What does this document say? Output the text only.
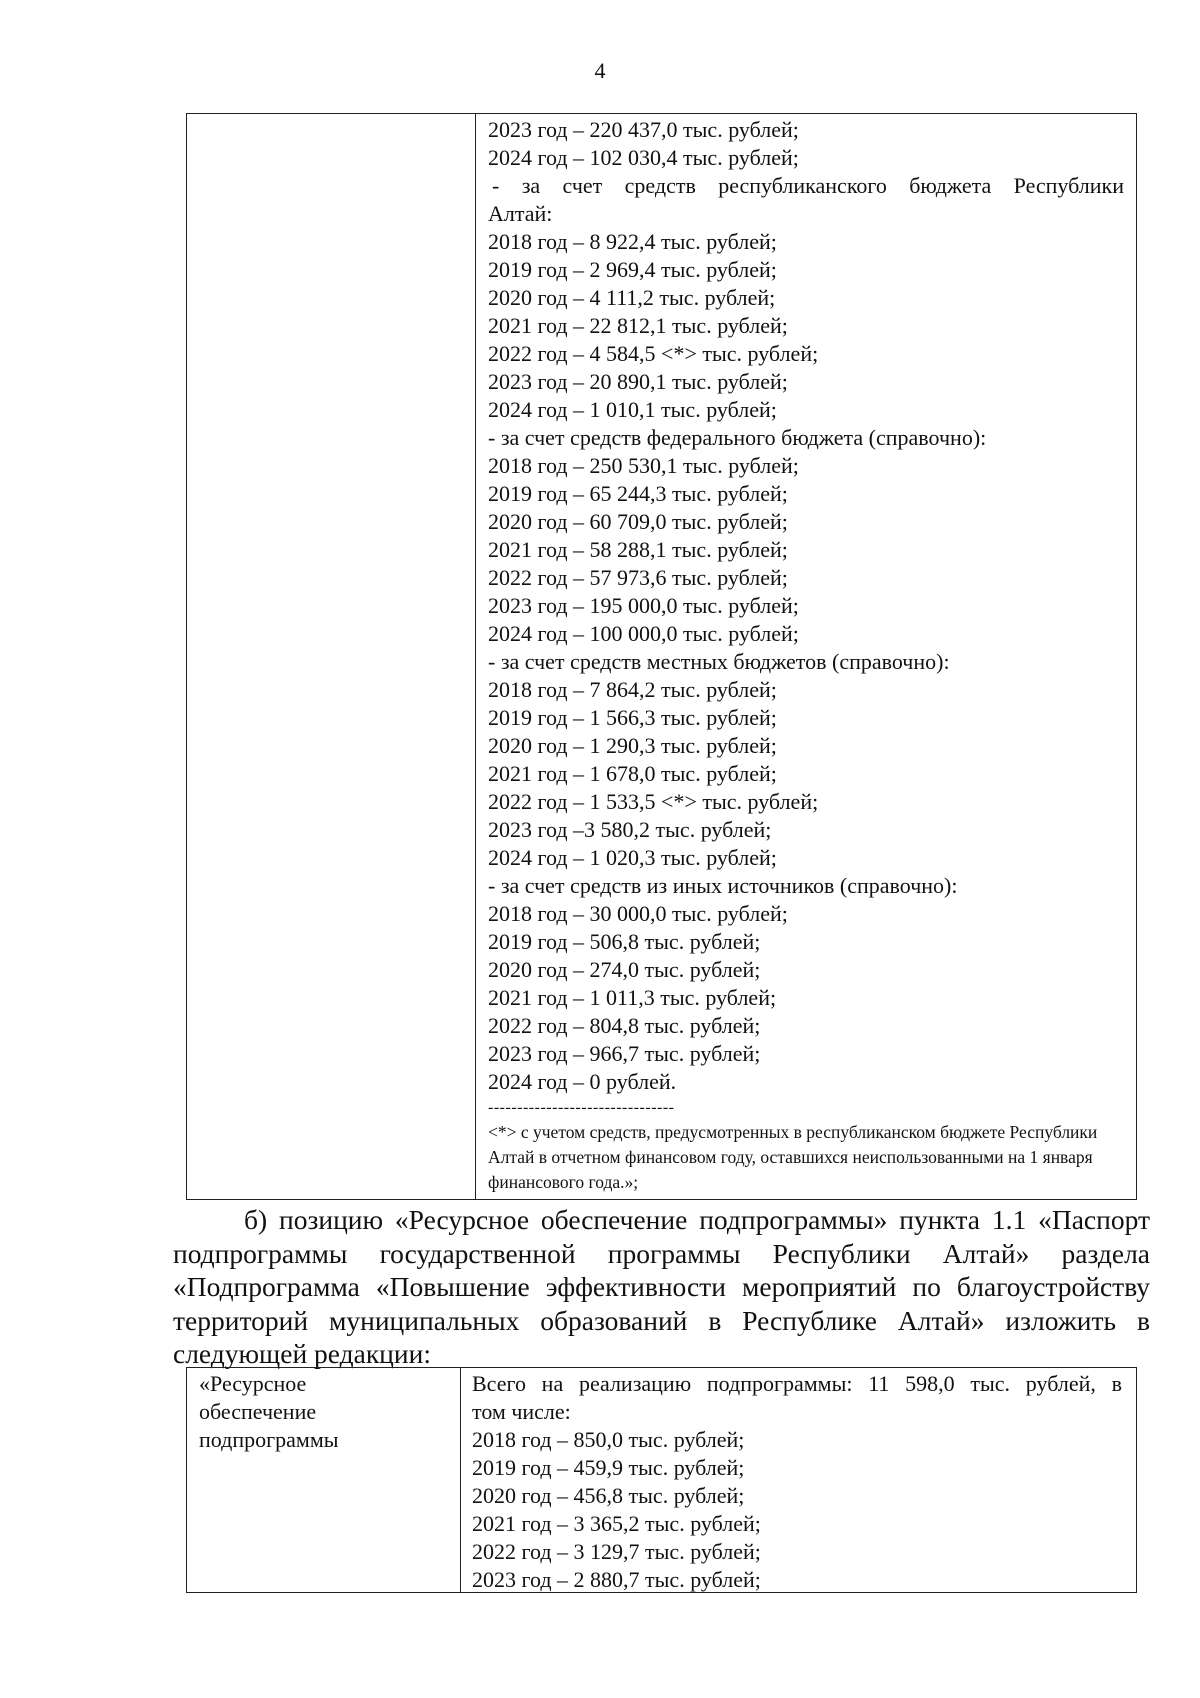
4
2023 год – 220 437,0 тыс. рублей;
2024 год – 102 030,4 тыс. рублей;
- за счет средств республиканского бюджета Республики
Алтай:
2018 год – 8 922,4 тыс. рублей;
2019 год – 2 969,4 тыс. рублей;
2020 год – 4 111,2 тыс. рублей;
2021 год – 22 812,1 тыс. рублей;
2022 год – 4 584,5 <*> тыс. рублей;
2023 год – 20 890,1 тыс. рублей;
2024 год – 1 010,1 тыс. рублей;
- за счет средств федерального бюджета (справочно):
2018 год – 250 530,1 тыс. рублей;
2019 год – 65 244,3 тыс. рублей;
2020 год – 60 709,0 тыс. рублей;
2021 год – 58 288,1 тыс. рублей;
2022 год – 57 973,6 тыс. рублей;
2023 год – 195 000,0 тыс. рублей;
2024 год – 100 000,0 тыс. рублей;
- за счет средств местных бюджетов (справочно):
2018 год – 7 864,2 тыс. рублей;
2019 год – 1 566,3 тыс. рублей;
2020 год – 1 290,3 тыс. рублей;
2021 год – 1 678,0 тыс. рублей;
2022 год – 1 533,5 <*> тыс. рублей;
2023 год –3 580,2 тыс. рублей;
2024 год – 1 020,3 тыс. рублей;
- за счет средств из иных источников (справочно):
2018 год – 30 000,0 тыс. рублей;
2019 год – 506,8 тыс. рублей;
2020 год – 274,0 тыс. рублей;
2021 год – 1 011,3 тыс. рублей;
2022 год – 804,8 тыс. рублей;
2023 год – 966,7 тыс. рублей;
2024 год – 0 рублей.
--------------------------------
<*> с учетом средств, предусмотренных в республиканском бюджете Республики Алтай в отчетном финансовом году, оставшихся неиспользованными на 1 января финансового года.»;
б) позицию «Ресурсное обеспечение подпрограммы» пункта 1.1 «Паспорт
подпрограммы государственной программы Республики Алтай» раздела
«Подпрограмма «Повышение эффективности мероприятий по благоустройству
территорий муниципальных образований в Республике Алтай» изложить в
следующей редакции:
«Ресурсное
обеспечение
подпрограммы
Всего на реализацию подпрограммы: 11 598,0 тыс. рублей, в
том числе:
2018 год – 850,0 тыс. рублей;
2019 год – 459,9 тыс. рублей;
2020 год – 456,8 тыс. рублей;
2021 год – 3 365,2 тыс. рублей;
2022 год – 3 129,7 тыс. рублей;
2023 год – 2 880,7 тыс. рублей;
